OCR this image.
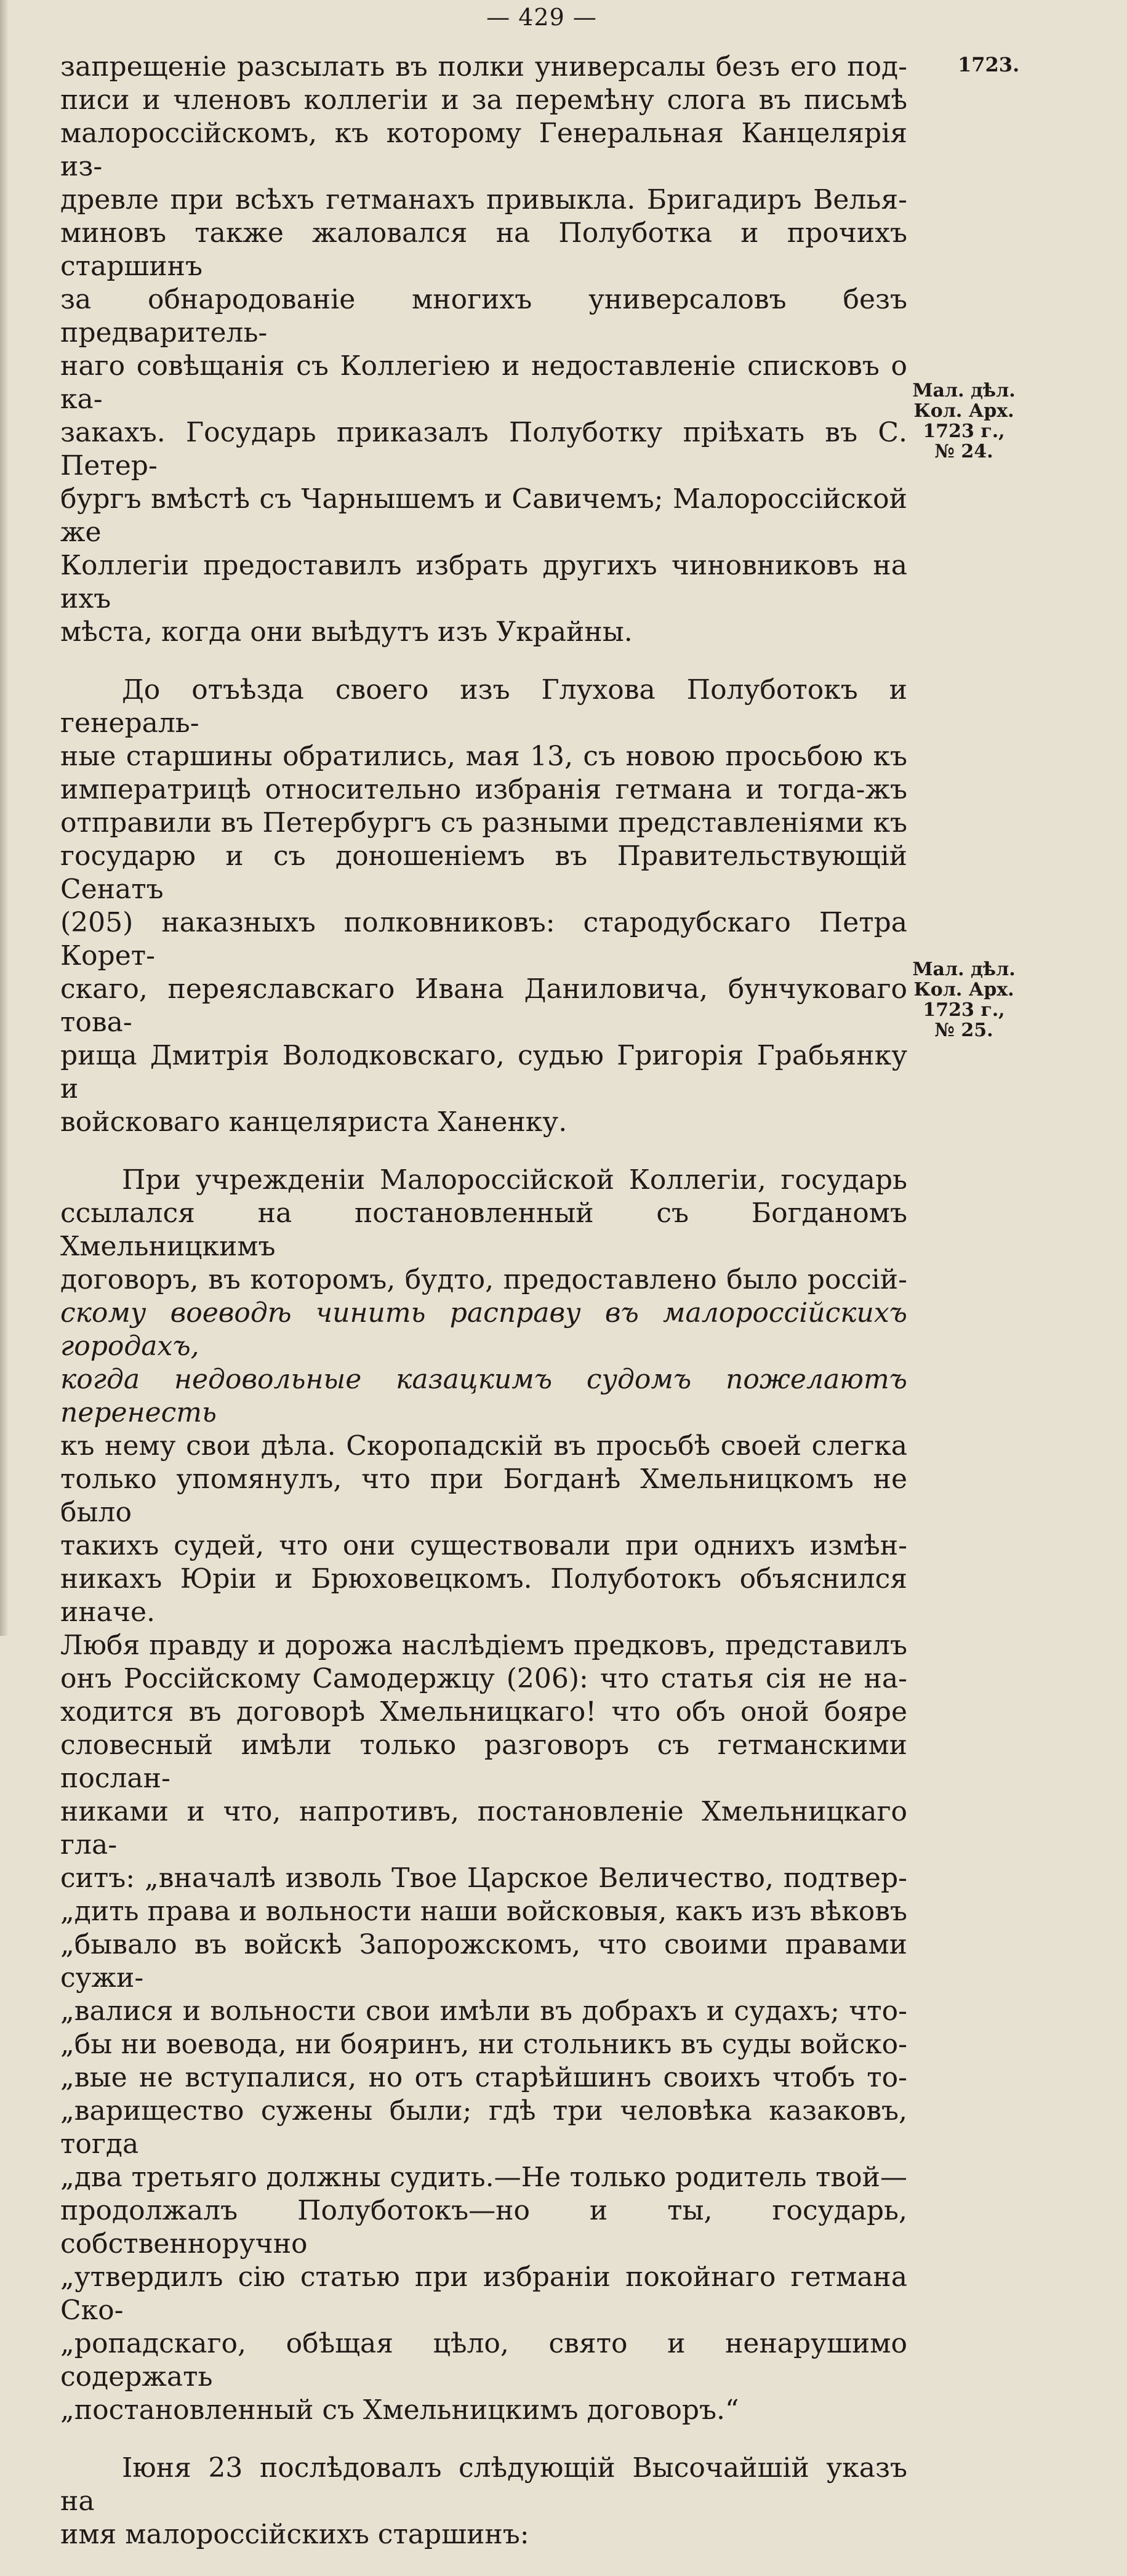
— 429 —
1723.
запрещеніе разсылать въ полки универсалы безъ его под-
писи и членовъ коллегіи и за перемѣну слога въ письмѣ
малороссійскомъ, къ которому Генеральная Канцелярія из-
древле при всѣхъ гетманахъ привыкла. Бригадиръ Велья-
миновъ также жаловался на Полуботка и прочихъ старшинъ
за обнародованіе многихъ универсаловъ безъ предваритель-
наго совѣщанія съ Коллегіею и недоставленіе списковъ о ка-
закахъ. Государь приказалъ Полуботку пріѣхать въ С. Петер-
бургъ вмѣстѣ съ Чарнышемъ и Савичемъ; Малороссійской же
Коллегіи предоставилъ избрать другихъ чиновниковъ на ихъ
мѣста, когда они выѣдутъ изъ Украйны.
До отъѣзда своего изъ Глухова Полуботокъ и генераль-
ные старшины обратились, мая 13, съ новою просьбою къ
императрицѣ относительно избранія гетмана и тогда-жъ
отправили въ Петербургъ съ разными представленіями къ
государю и съ доношеніемъ въ Правительствующій Сенатъ
(205) наказныхъ полковниковъ: стародубскаго Петра Корет-
скаго, переяславскаго Ивана Даниловича, бунчуковаго това-
рища Дмитрія Володковскаго, судью Григорія Грабьянку и
войсковаго канцеляриста Ханенку.
При учрежденіи Малороссійской Коллегіи, государь
ссылался на постановленный съ Богданомъ Хмельницкимъ
договоръ, въ которомъ, будто, предоставлено было россій-
скому воеводѣ чинить расправу въ малороссійскихъ городахъ,
когда недовольные казацкимъ судомъ пожелаютъ перенесть
къ нему свои дѣла. Скоропадскій въ просьбѣ своей слегка
только упомянулъ, что при Богданѣ Хмельницкомъ не было
такихъ судей, что они существовали при однихъ измѣн-
никахъ Юріи и Брюховецкомъ. Полуботокъ объяснился иначе.
Любя правду и дорожа наслѣдіемъ предковъ, представилъ
онъ Россійскому Самодержцу (206): что статья сія не на-
ходится въ договорѣ Хмельницкаго! что объ оной бояре
словесный имѣли только разговоръ съ гетманскими послан-
никами и что, напротивъ, постановленіе Хмельницкаго гла-
ситъ: „вначалѣ изволь Твое Царское Величество, подтвер-
„дить права и вольности наши войсковыя, какъ изъ вѣковъ
„бывало въ войскѣ Запорожскомъ, что своими правами сужи-
„валися и вольности свои имѣли въ добрахъ и судахъ; что-
„бы ни воевода, ни бояринъ, ни стольникъ въ суды войско-
„вые не вступалися, но отъ старѣйшинъ своихъ чтобъ то-
„варищество сужены были; гдѣ три человѣка казаковъ, тогда
„два третьяго должны судить.—Не только родитель твой—
продолжалъ Полуботокъ—но и ты, государь, собственноручно
„утвердилъ сію статью при избраніи покойнаго гетмана Ско-
„ропадскаго, обѣщая цѣло, свято и ненарушимо содержать
„постановленный съ Хмельницкимъ договоръ.“
Іюня 23 послѣдовалъ слѣдующій Высочайшій указъ на
имя малороссійскихъ старшинъ:
Мал. дѣл.
Кол. Арх.
1723 г.,
№ 24.
Мал. дѣл.
Кол. Арх.
1723 г.,
№ 25.
